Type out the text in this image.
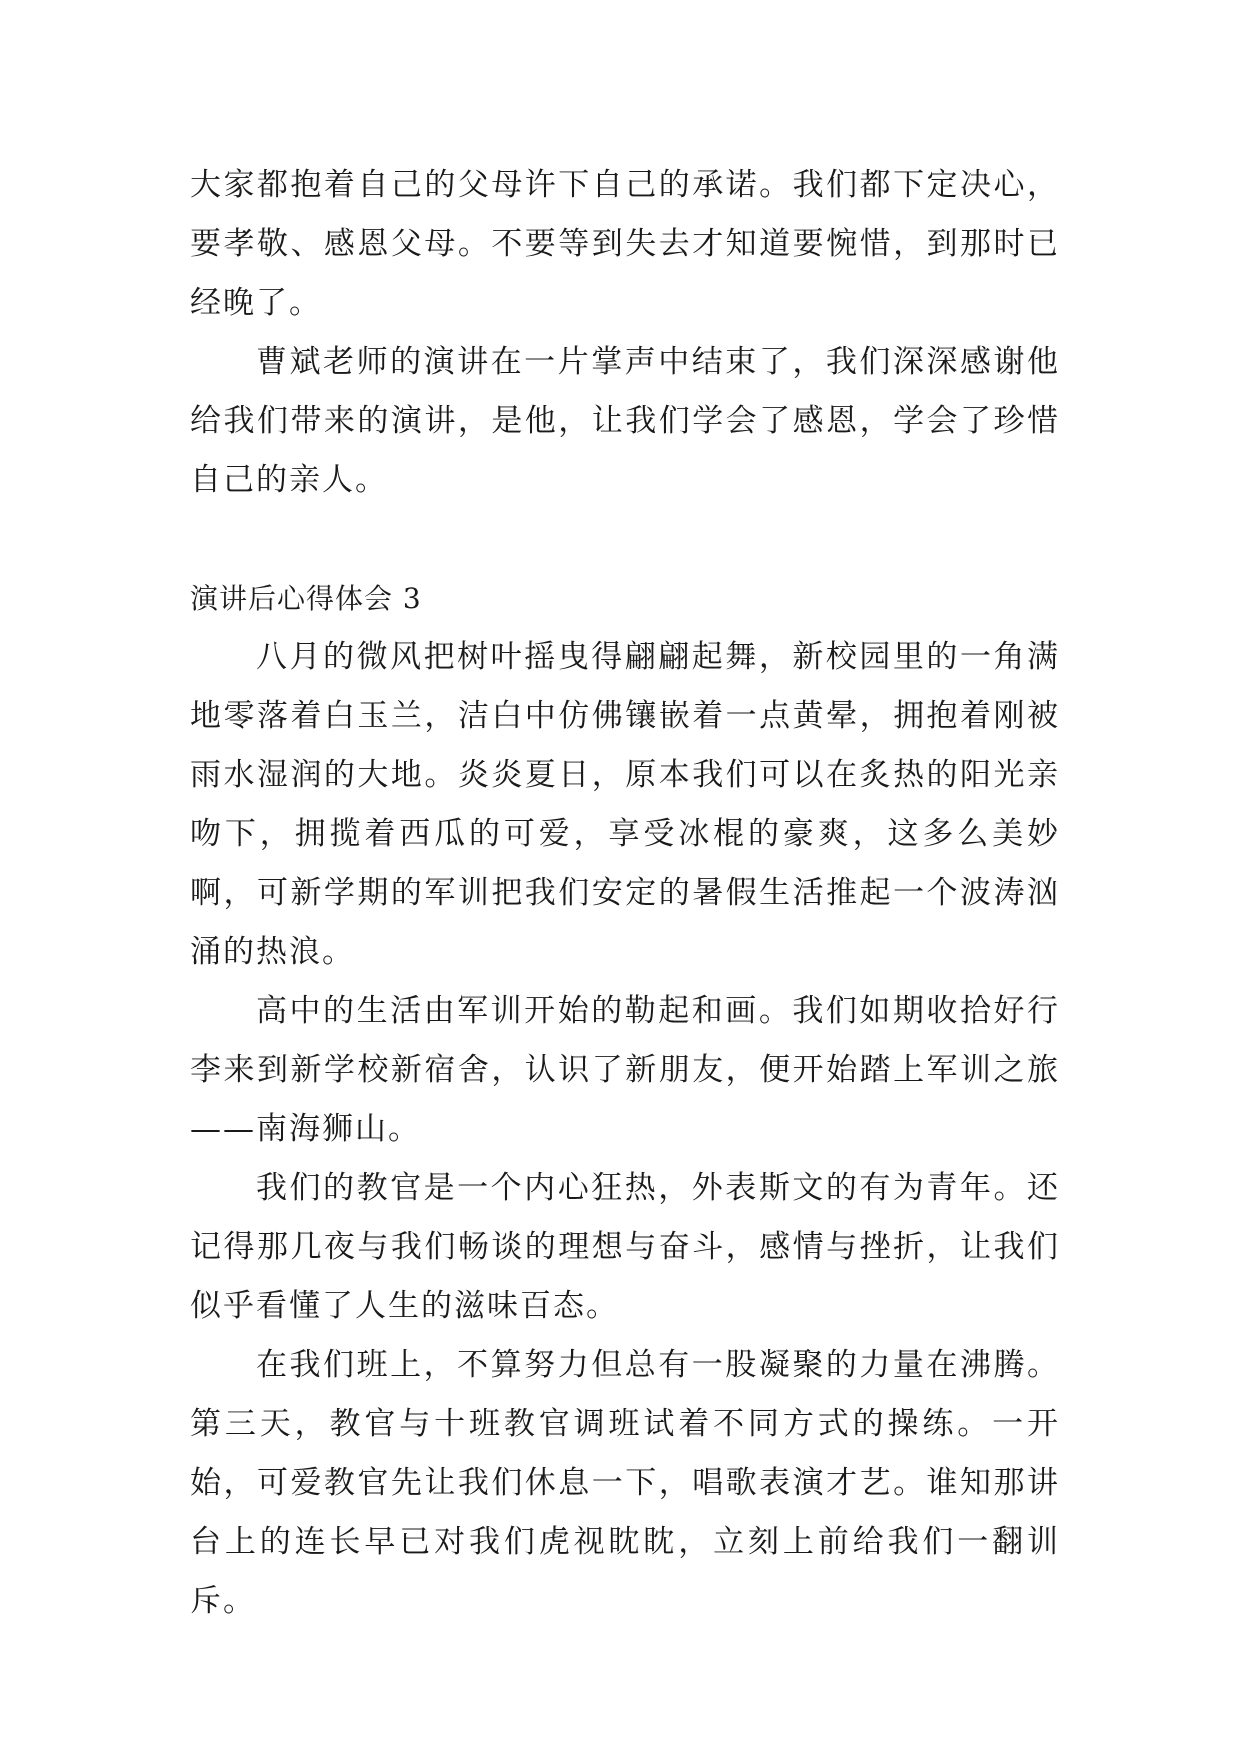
大家都抱着自己的父母许下自己的承诺。我们都下定决心，要孝敬、感恩父母。不要等到失去才知道要惋惜，到那时已经晚了。

曹斌老师的演讲在一片掌声中结束了，我们深深感谢他给我们带来的演讲，是他，让我们学会了感恩，学会了珍惜自己的亲人。

演讲后心得体会 3

八月的微风把树叶摇曳得翩翩起舞，新校园里的一角满地零落着白玉兰，洁白中仿佛镶嵌着一点黄晕，拥抱着刚被雨水湿润的大地。炎炎夏日，原本我们可以在炙热的阳光亲吻下，拥揽着西瓜的可爱，享受冰棍的豪爽，这多么美妙啊，可新学期的军训把我们安定的暑假生活推起一个波涛汹涌的热浪。

高中的生活由军训开始的勒起和画。我们如期收拾好行李来到新学校新宿舍，认识了新朋友，便开始踏上军训之旅——南海狮山。

我们的教官是一个内心狂热，外表斯文的有为青年。还记得那几夜与我们畅谈的理想与奋斗，感情与挫折，让我们似乎看懂了人生的滋味百态。

在我们班上，不算努力但总有一股凝聚的力量在沸腾。第三天，教官与十班教官调班试着不同方式的操练。一开始，可爱教官先让我们休息一下，唱歌表演才艺。谁知那讲台上的连长早已对我们虎视眈眈，立刻上前给我们一翻训斥。
